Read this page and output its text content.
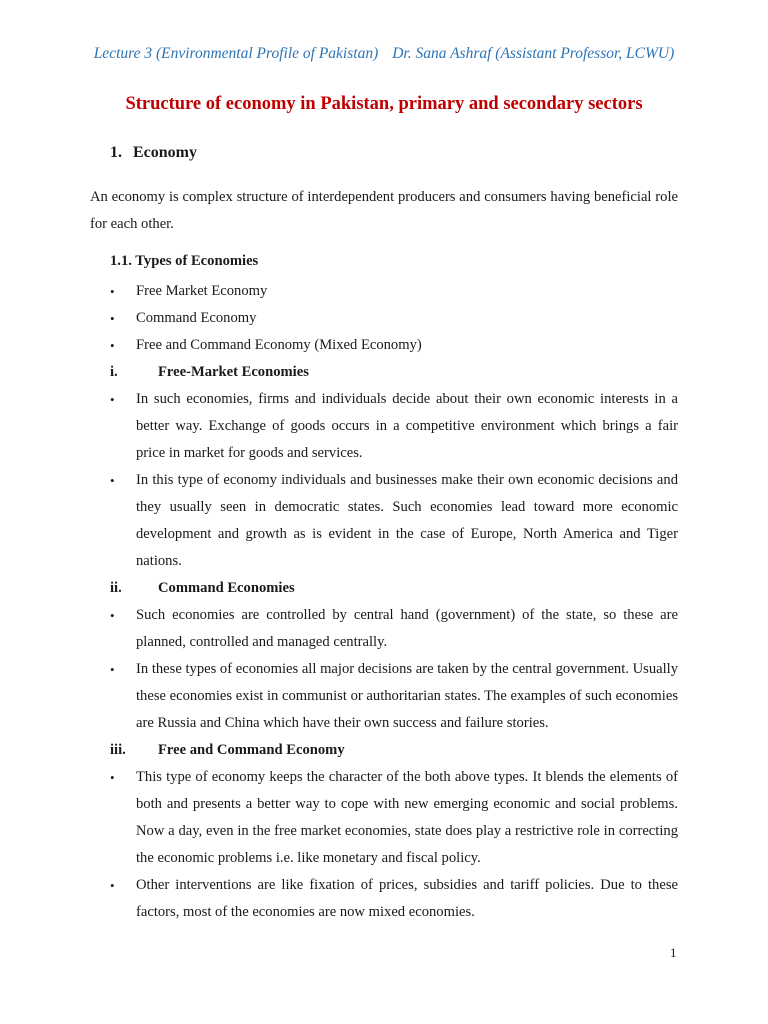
Lecture 3 (Environmental Profile of Pakistan) Dr. Sana Ashraf (Assistant Professor, LCWU)
Structure of economy in Pakistan, primary and secondary sectors
1. Economy

An economy is complex structure of interdependent producers and consumers having beneficial role for each other.

1.1. Types of Economies
• Free Market Economy
• Command Economy
• Free and Command Economy (Mixed Economy)
i.	Free-Market Economies
• In such economies, firms and individuals decide about their own economic interests in a better way. Exchange of goods occurs in a competitive environment which brings a fair price in market for goods and services.
• In this type of economy individuals and businesses make their own economic decisions and they usually seen in democratic states. Such economies lead toward more economic development and growth as is evident in the case of Europe, North America and Tiger nations.
ii. Command Economies
• Such economies are controlled by central hand (government) of the state, so these are planned, controlled and managed centrally.
• In these types of economies all major decisions are taken by the central government. Usually these economies exist in communist or authoritarian states. The examples of such economies are Russia and China which have their own success and failure stories.
iii. Free and Command Economy
• This type of economy keeps the character of the both above types. It blends the elements of both and presents a better way to cope with new emerging economic and social problems. Now a day, even in the free market economies, state does play a restrictive role in correcting the economic problems i.e. like monetary and fiscal policy.
• Other interventions are like fixation of prices, subsidies and tariff policies. Due to these factors, most of the economies are now mixed economies.
1
